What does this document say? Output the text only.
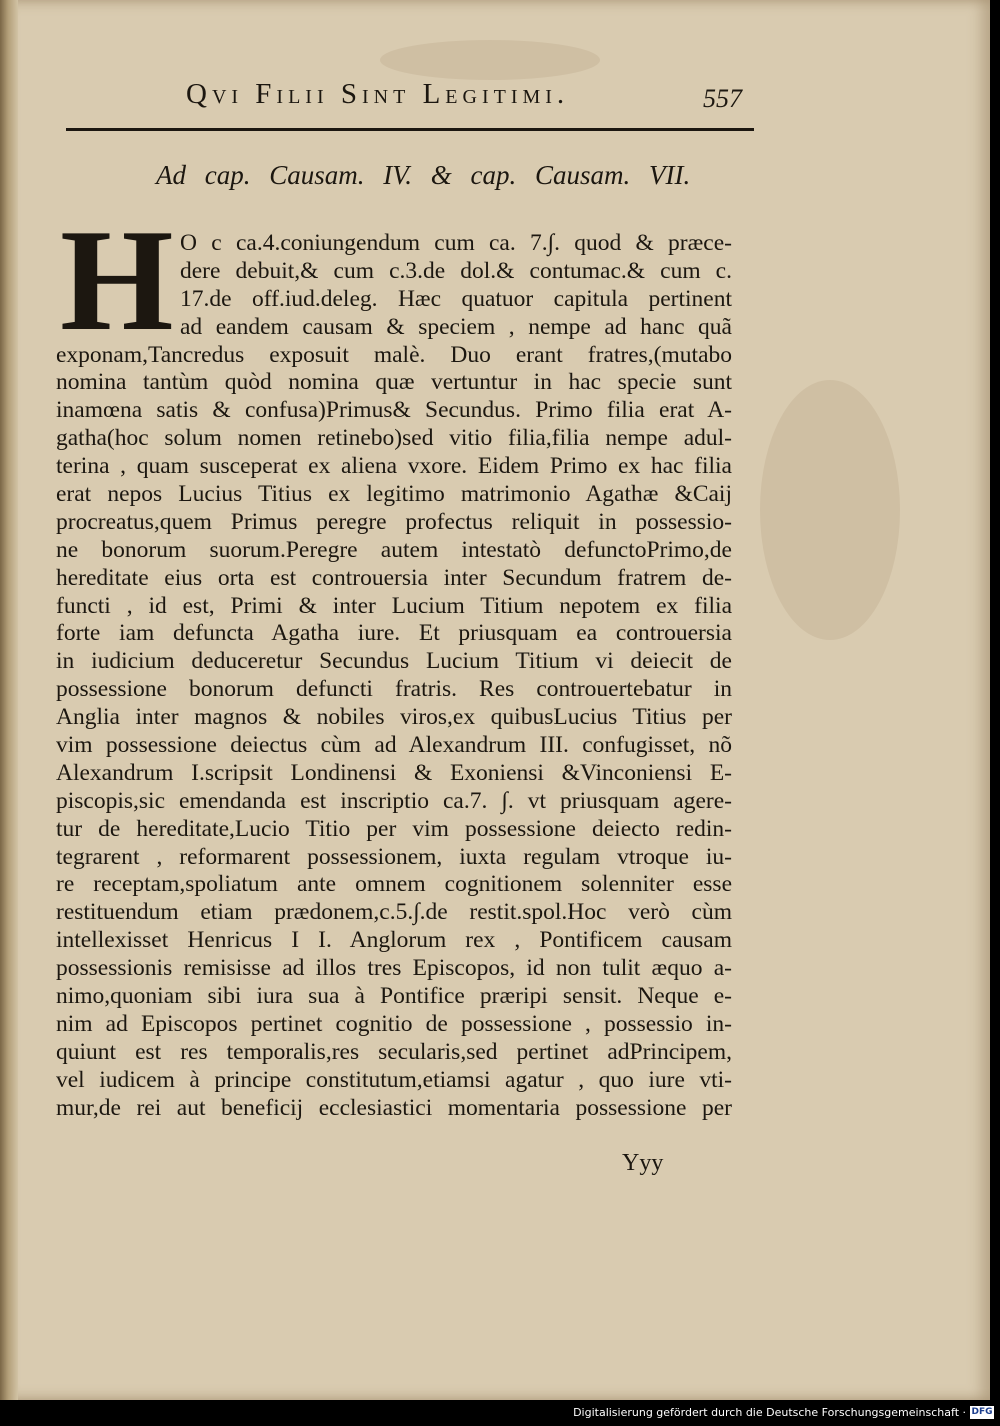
Qvi Filii Sint Legitimi.	557
Ad cap. Causam. IV. & cap. Causam. VII.
H O c ca.4.coniungendum cum ca. 7.∫. quod & præce-
dere debuit,& cum c.3.de dol.& contumac.& cum c.
17.de off.iud.deleg. Hæc quatuor capitula pertinent
ad eandem causam & speciem , nempe ad hanc quã
exponam,Tancredus exposuit malè. Duo erant fratres,(mutabo
nomina tantùm quòd nomina quæ vertuntur in hac specie sunt
inamœna satis & confusa)Primus& Secundus. Primo filia erat A-
gatha(hoc solum nomen retinebo)sed vitio filia,filia nempe adul-
terina , quam susceperat ex aliena vxore. Eidem Primo ex hac filia
erat nepos Lucius Titius ex legitimo matrimonio Agathæ &Caij
procreatus,quem Primus peregre profectus reliquit in possessio-
ne bonorum suorum.Peregre autem intestatò defunctoPrimo,de
hereditate eius orta est controuersia inter Secundum fratrem de-
functi , id est, Primi & inter Lucium Titium nepotem ex filia
forte iam defuncta Agatha iure. Et priusquam ea controuersia
in iudicium deduceretur Secundus Lucium Titium vi deiecit de
possessione bonorum defuncti fratris. Res controuertebatur in
Anglia inter magnos & nobiles viros,ex quibusLucius Titius per
vim possessione deiectus cùm ad Alexandrum III. confugisset, nõ
Alexandrum I.scripsit Londinensi & Exoniensi &Vinconiensi E-
piscopis,sic emendanda est inscriptio ca.7. ∫. vt priusquam agere-
tur de hereditate,Lucio Titio per vim possessione deiecto redin-
tegrarent , reformarent possessionem, iuxta regulam vtroque iu-
re receptam,spoliatum ante omnem cognitionem solenniter esse
restituendum etiam prædonem,c.5.∫.de restit.spol.Hoc verò cùm
intellexisset Henricus I I. Anglorum rex , Pontificem causam
possessionis remisisse ad illos tres Episcopos, id non tulit æquo a-
nimo,quoniam sibi iura sua à Pontifice præripi sensit. Neque e-
nim ad Episcopos pertinet cognitio de possessione , possessio in-
quiunt est res temporalis,res secularis,sed pertinet adPrincipem,
vel iudicem à principe constitutum,etiamsi agatur , quo iure vti-
mur,de rei aut beneficij ecclesiastici momentaria possessione per
Yyy
Digitalisierung gefördert durch die Deutsche Forschungsgemeinschaft · DFG
